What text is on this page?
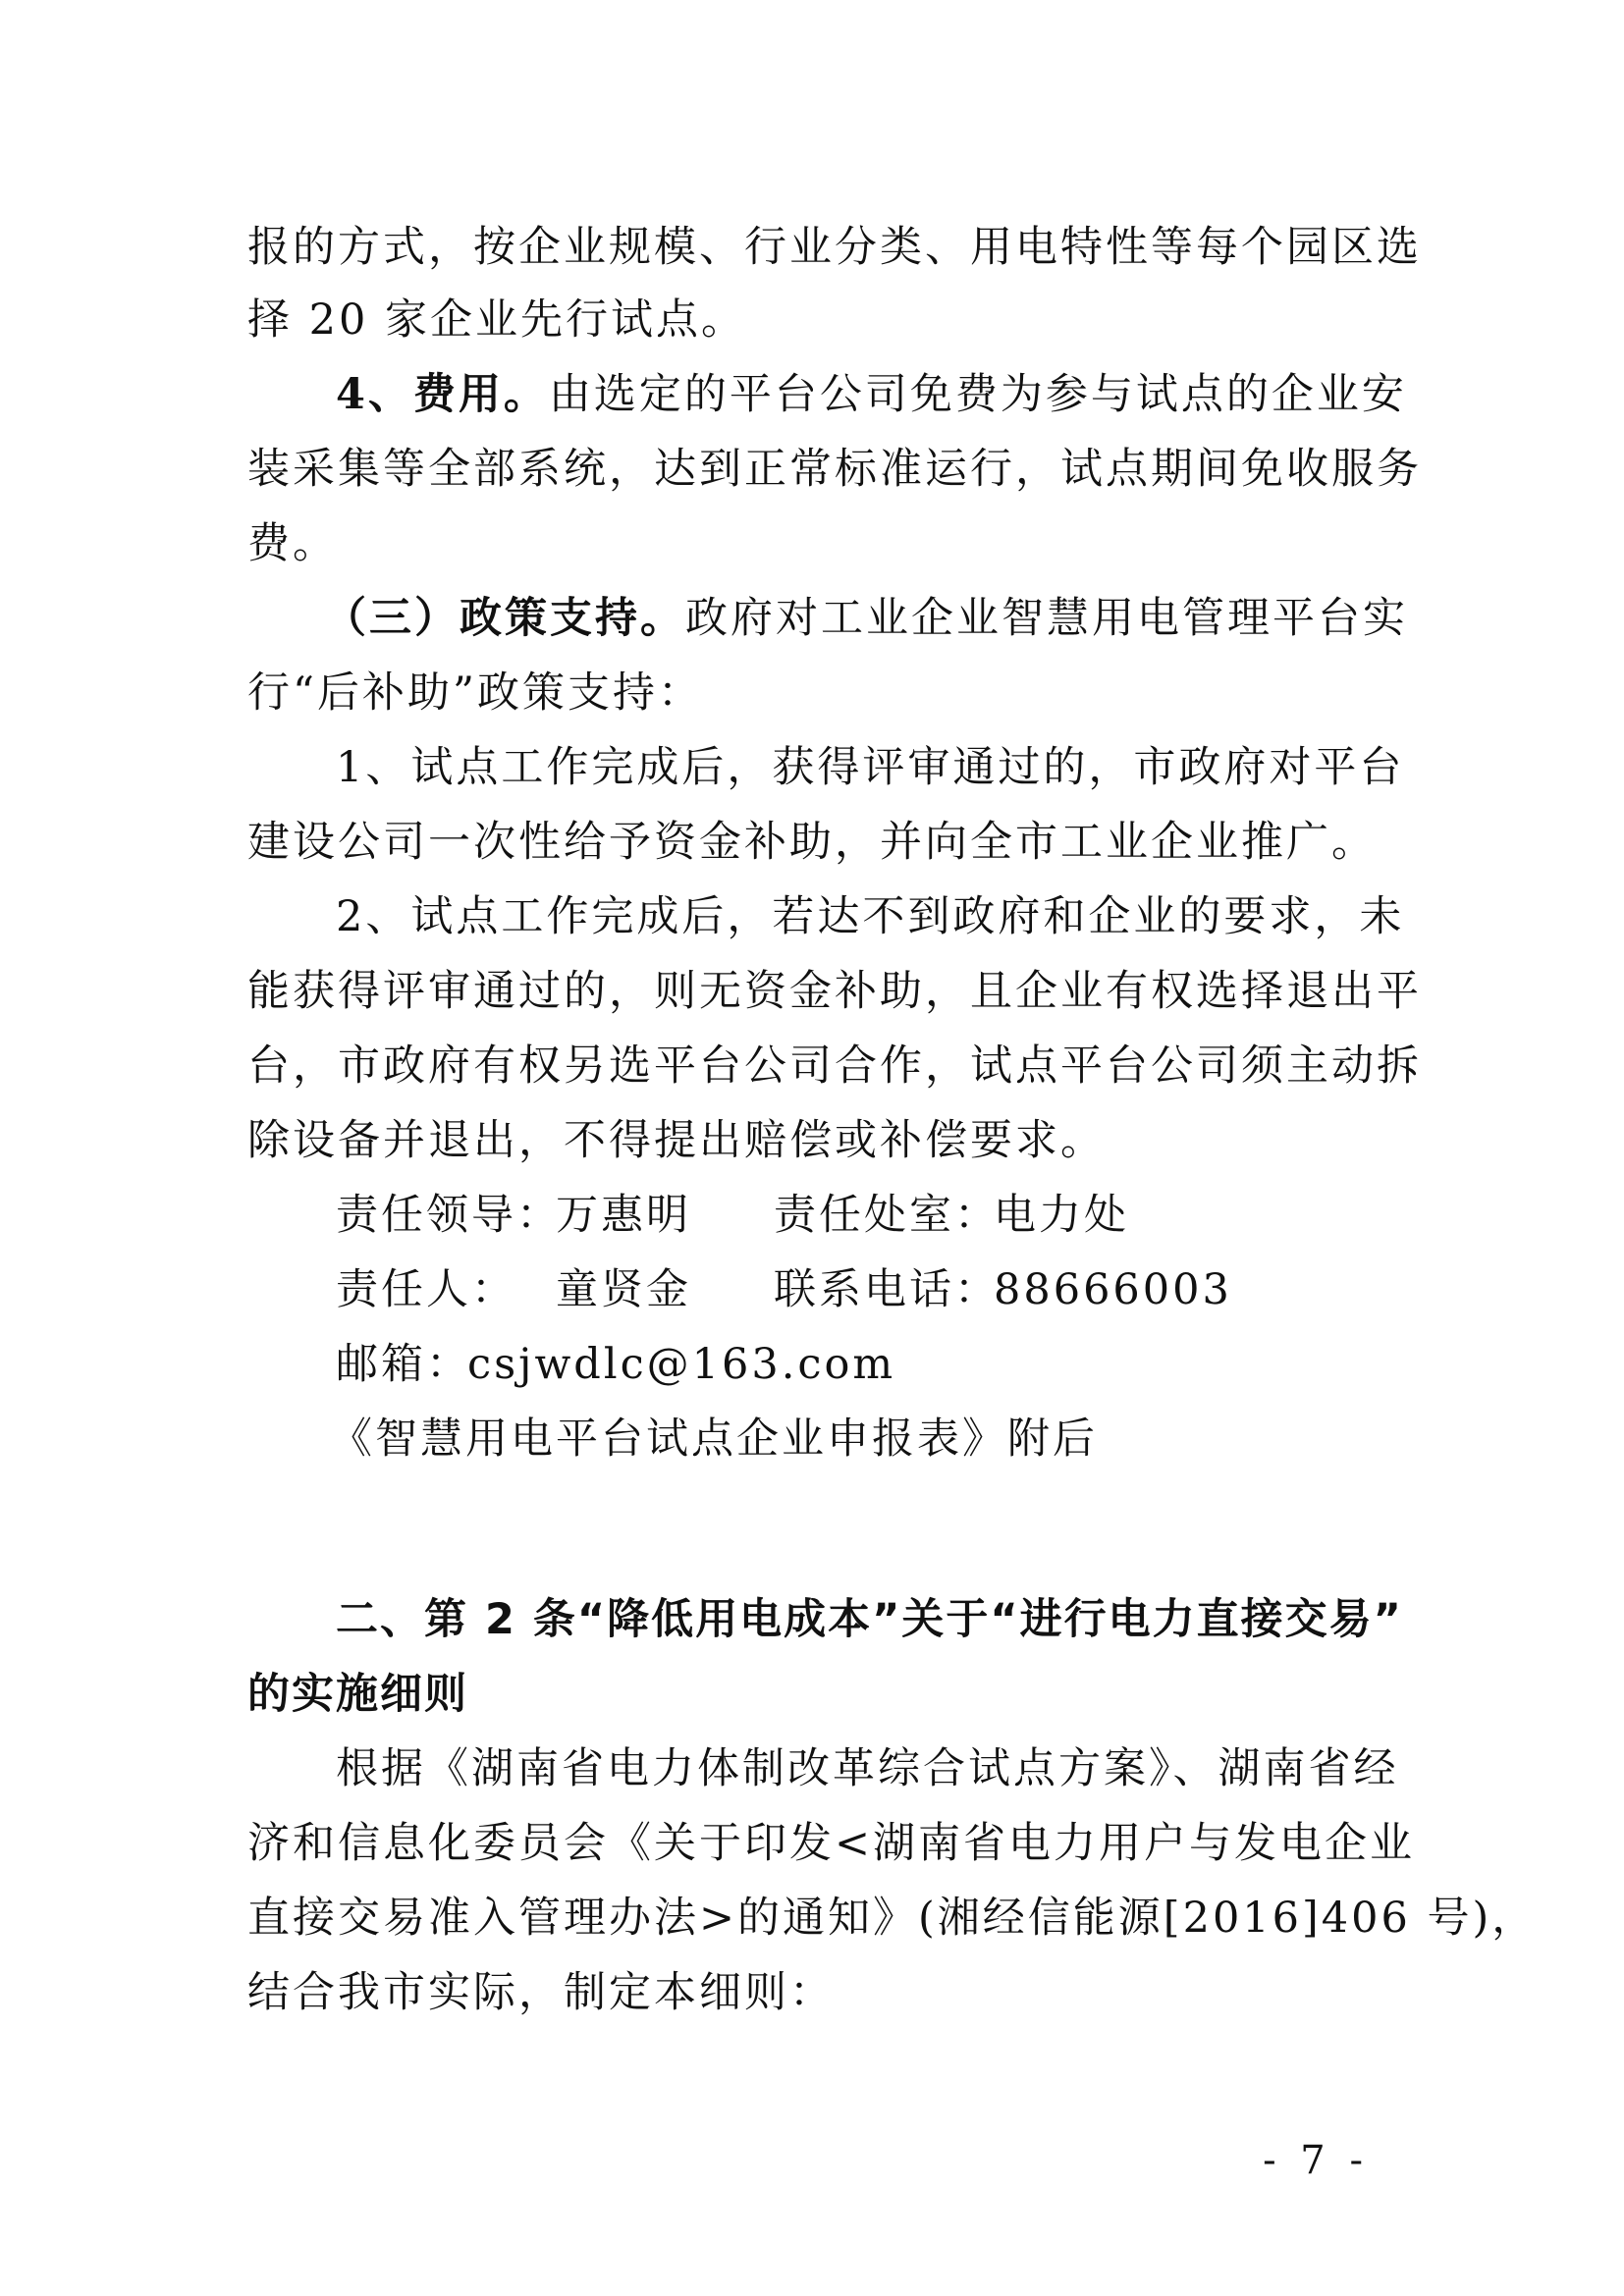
报的方式，按企业规模、行业分类、用电特性等每个园区选
择 20 家企业先行试点。
4、费用。由选定的平台公司免费为参与试点的企业安
装采集等全部系统，达到正常标准运行，试点期间免收服务
费。
（三）政策支持。政府对工业企业智慧用电管理平台实
行“后补助”政策支持：
1、试点工作完成后，获得评审通过的，市政府对平台
建设公司一次性给予资金补助，并向全市工业企业推广。
2、试点工作完成后，若达不到政府和企业的要求，未
能获得评审通过的，则无资金补助，且企业有权选择退出平
台，市政府有权另选平台公司合作，试点平台公司须主动拆
除设备并退出，不得提出赔偿或补偿要求。
责任领导：
万惠明 责任处室：
电力处
责任人： 童贤金 联系电话：
88666003
邮箱：
csjwdlc@163.com
《智慧用电平台试点企业申报表》附后
二、第 2 条“降低用电成本”关于“进行电力直接交易”
的实施细则
根据《湖南省电力体制改革综合试点方案》、湖南省经
济和信息化委员会《关于印发<湖南省电力用户与发电企业
直接交易准入管理办法>的通知》(湘经信能源[2016]406 号)，
结合我市实际，制定本细则：
- 7 -
